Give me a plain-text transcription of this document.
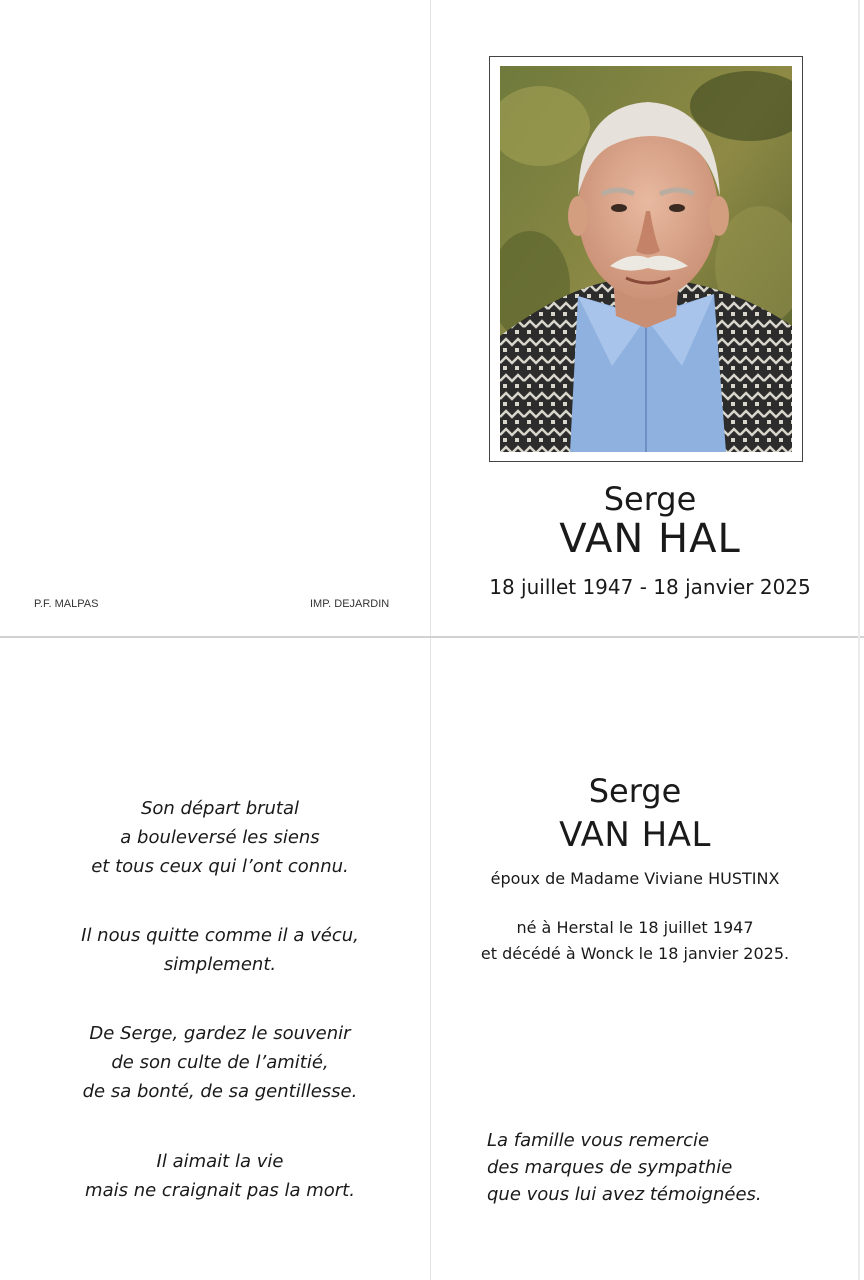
P.F. MALPAS	IMP. DEJARDIN
Serge
VAN HAL
18 juillet 1947 - 18 janvier 2025
Son départ brutal
a bouleversé les siens
et tous ceux qui l’ont connu.
Il nous quitte comme il a vécu,
simplement.
De Serge, gardez le souvenir
de son culte de l’amitié,
de sa bonté, de sa gentillesse.
Il aimait la vie
mais ne craignait pas la mort.
Serge
VAN HAL
époux de Madame Viviane HUSTINX
né à Herstal le 18 juillet 1947
et décédé à Wonck le 18 janvier 2025.
La famille vous remercie
des marques de sympathie
que vous lui avez témoignées.
